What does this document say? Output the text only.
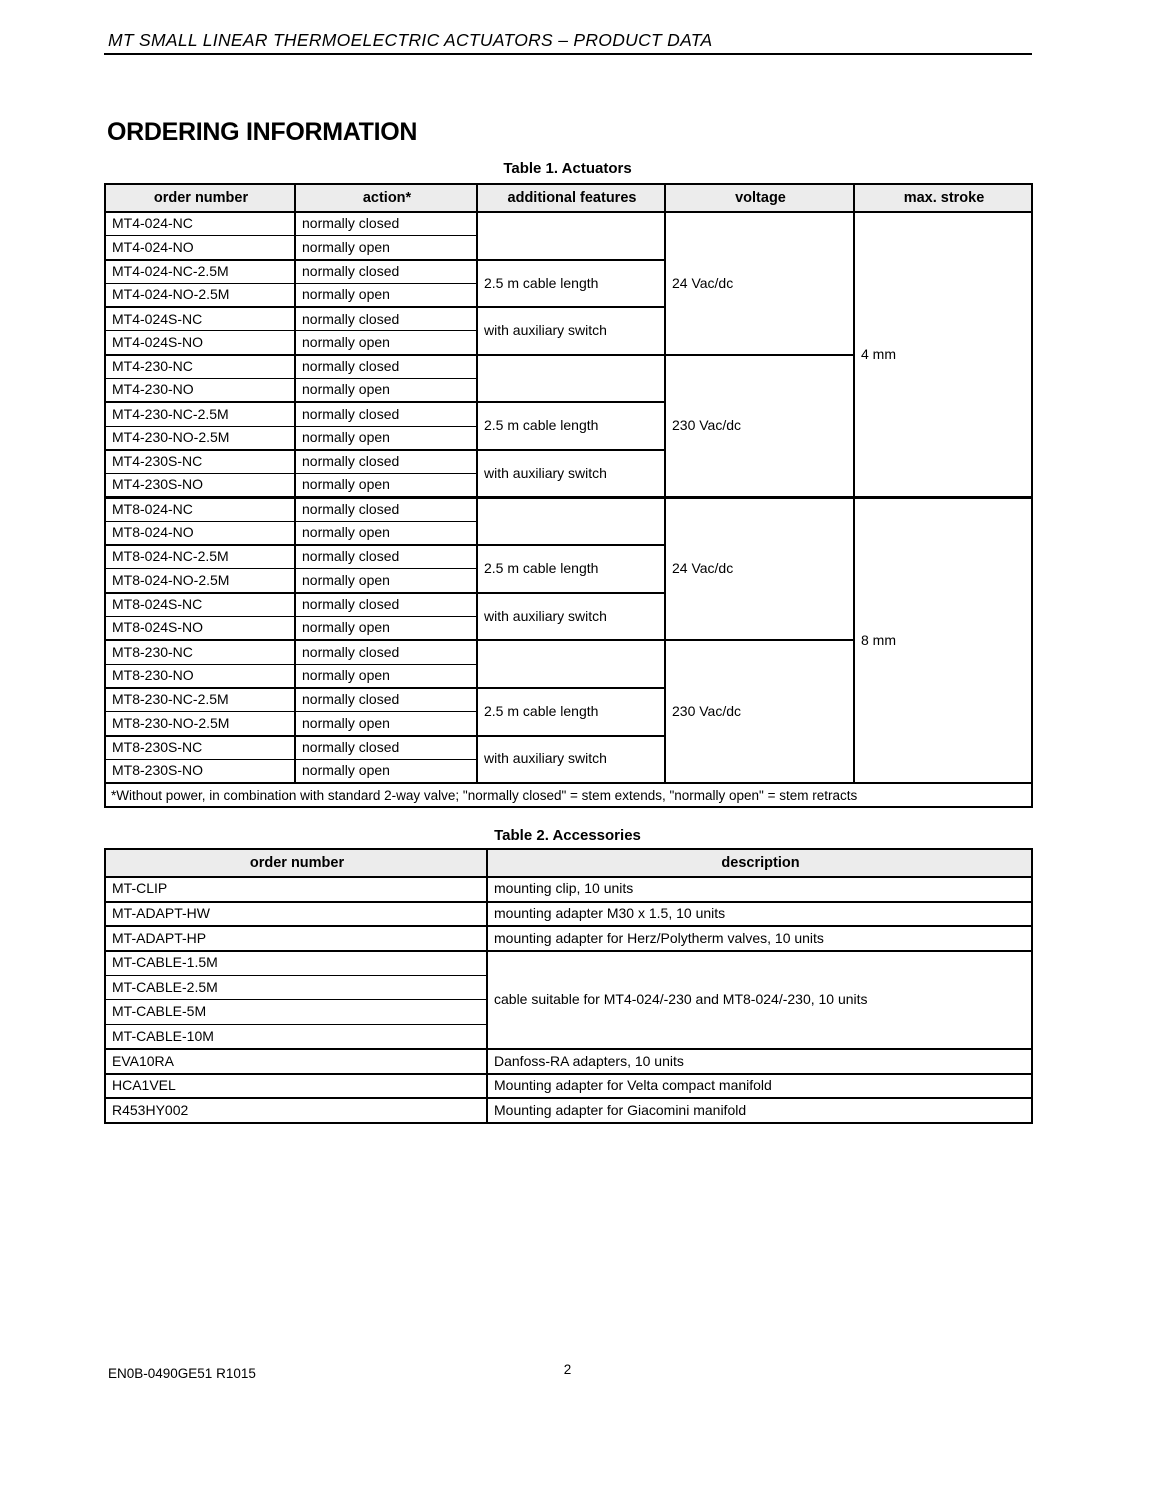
MT SMALL LINEAR THERMOELECTRIC ACTUATORS – PRODUCT DATA
ORDERING INFORMATION
Table 1. Actuators
order number	action*	additional features	voltage	max. stroke
MT4-024-NC	normally closed		24 Vac/dc	4 mm
MT4-024-NO	normally open			
MT4-024-NC-2.5M	normally closed	2.5 m cable length		
MT4-024-NO-2.5M	normally open			
MT4-024S-NC	normally closed	with auxiliary switch		
MT4-024S-NO	normally open			
MT4-230-NC	normally closed		230 Vac/dc	
MT4-230-NO	normally open			
MT4-230-NC-2.5M	normally closed	2.5 m cable length		
MT4-230-NO-2.5M	normally open			
MT4-230S-NC	normally closed	with auxiliary switch		
MT4-230S-NO	normally open			
MT8-024-NC	normally closed		24 Vac/dc	8 mm
MT8-024-NO	normally open			
MT8-024-NC-2.5M	normally closed	2.5 m cable length		
MT8-024-NO-2.5M	normally open			
MT8-024S-NC	normally closed	with auxiliary switch		
MT8-024S-NO	normally open			
MT8-230-NC	normally closed		230 Vac/dc	
MT8-230-NO	normally open			
MT8-230-NC-2.5M	normally closed	2.5 m cable length		
MT8-230-NO-2.5M	normally open			
MT8-230S-NC	normally closed	with auxiliary switch		
MT8-230S-NO	normally open			
*Without power, in combination with standard 2-way valve; "normally closed" = stem extends, "normally open" = stem retracts				
Table 2. Accessories
order number	description
MT-CLIP	mounting clip, 10 units
MT-ADAPT-HW	mounting adapter M30 x 1.5, 10 units
MT-ADAPT-HP	mounting adapter for Herz/Polytherm valves, 10 units
MT-CABLE-1.5M	cable suitable for MT4-024/-230 and MT8-024/-230, 10 units
MT-CABLE-2.5M	
MT-CABLE-5M	
MT-CABLE-10M	
EVA10RA	Danfoss-RA adapters, 10 units
HCA1VEL	Mounting adapter for Velta compact manifold
R453HY002	Mounting adapter for Giacomini manifold
EN0B-0490GE51 R1015	2
